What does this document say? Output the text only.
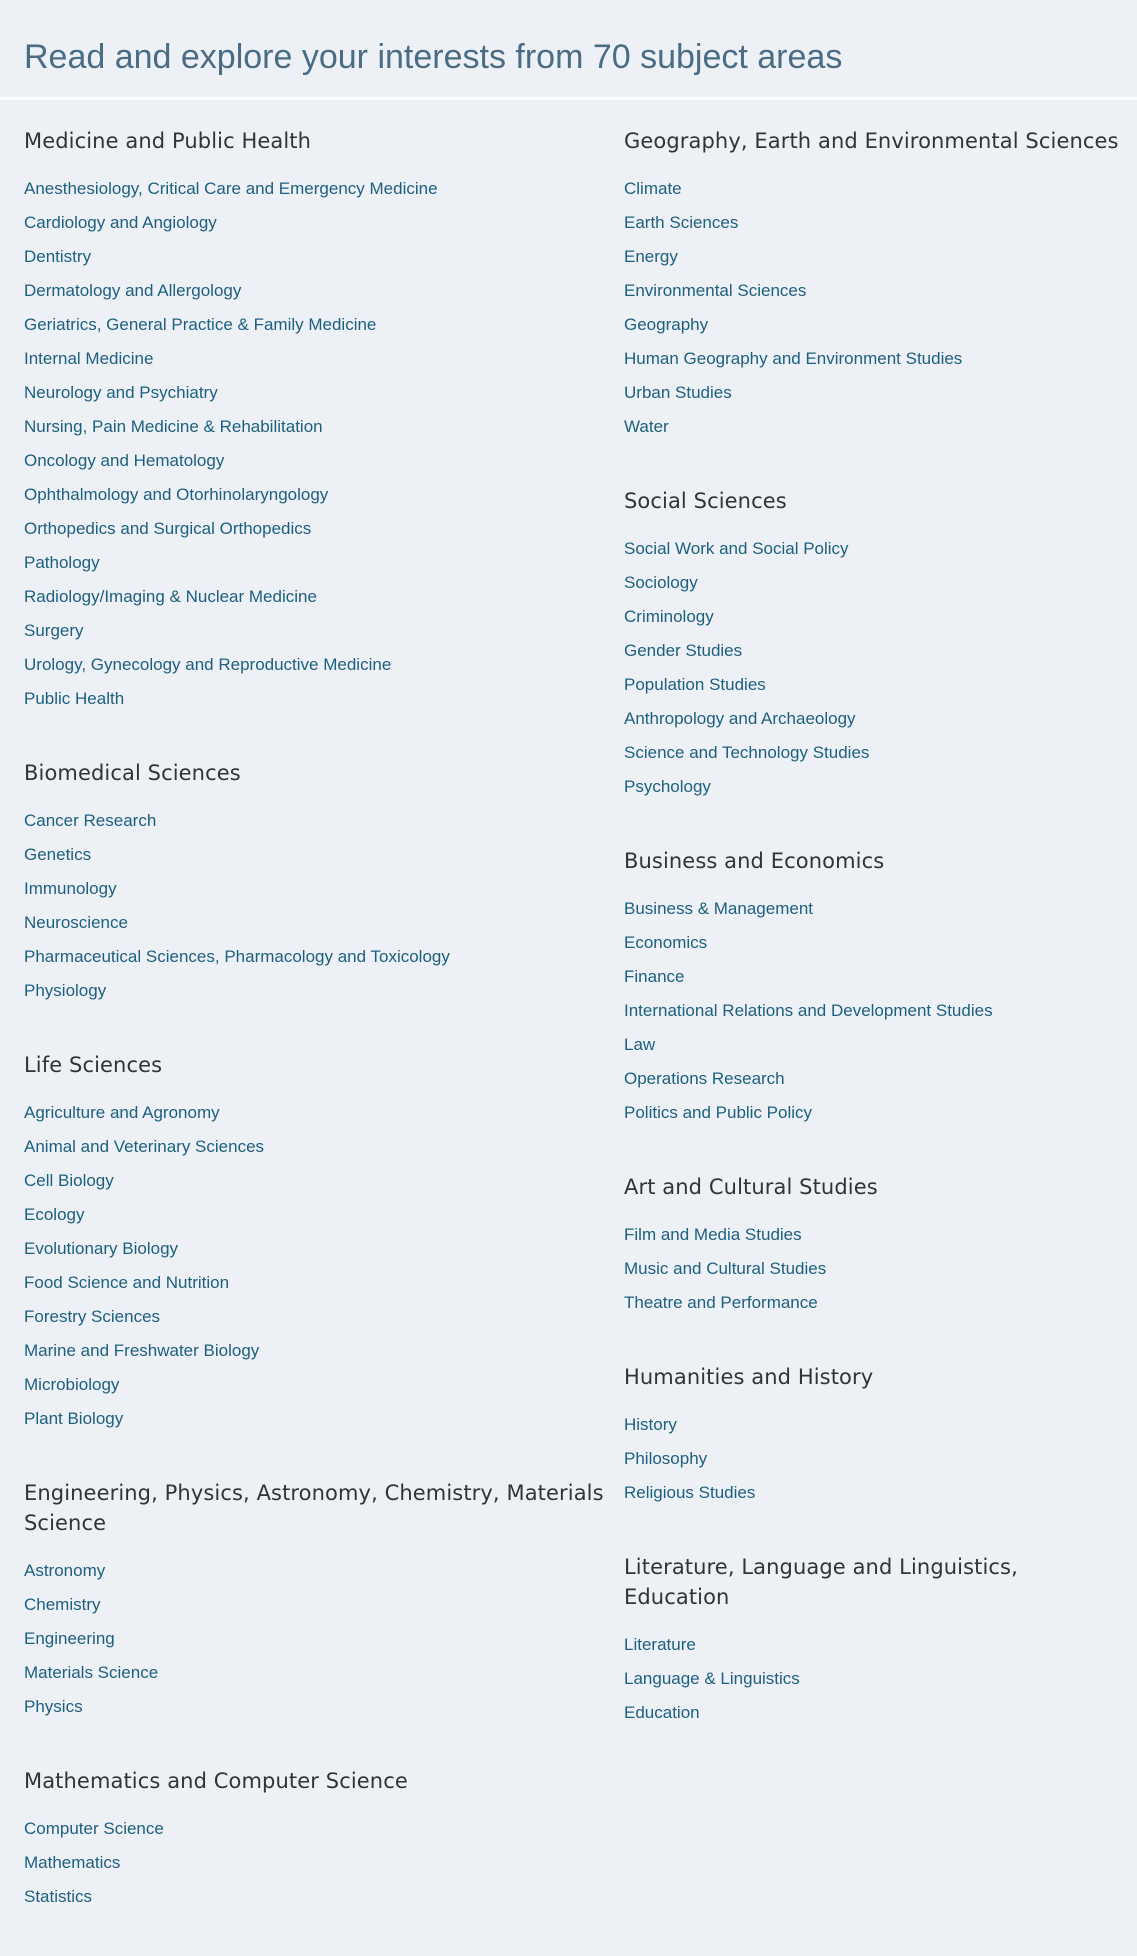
Read and explore your interests from 70 subject areas
Medicine and Public Health
Anesthesiology, Critical Care and Emergency Medicine
Cardiology and Angiology
Dentistry
Dermatology and Allergology
Geriatrics, General Practice & Family Medicine
Internal Medicine
Neurology and Psychiatry
Nursing, Pain Medicine & Rehabilitation
Oncology and Hematology
Ophthalmology and Otorhinolaryngology
Orthopedics and Surgical Orthopedics
Pathology
Radiology/Imaging & Nuclear Medicine
Surgery
Urology, Gynecology and Reproductive Medicine
Public Health
Biomedical Sciences
Cancer Research
Genetics
Immunology
Neuroscience
Pharmaceutical Sciences, Pharmacology and Toxicology
Physiology
Life Sciences
Agriculture and Agronomy
Animal and Veterinary Sciences
Cell Biology
Ecology
Evolutionary Biology
Food Science and Nutrition
Forestry Sciences
Marine and Freshwater Biology
Microbiology
Plant Biology
Engineering, Physics, Astronomy, Chemistry, Materials Science
Astronomy
Chemistry
Engineering
Materials Science
Physics
Mathematics and Computer Science
Computer Science
Mathematics
Statistics
Geography, Earth and Environmental Sciences
Climate
Earth Sciences
Energy
Environmental Sciences
Geography
Human Geography and Environment Studies
Urban Studies
Water
Social Sciences
Social Work and Social Policy
Sociology
Criminology
Gender Studies
Population Studies
Anthropology and Archaeology
Science and Technology Studies
Psychology
Business and Economics
Business & Management
Economics
Finance
International Relations and Development Studies
Law
Operations Research
Politics and Public Policy
Art and Cultural Studies
Film and Media Studies
Music and Cultural Studies
Theatre and Performance
Humanities and History
History
Philosophy
Religious Studies
Literature, Language and Linguistics, Education
Literature
Language & Linguistics
Education
